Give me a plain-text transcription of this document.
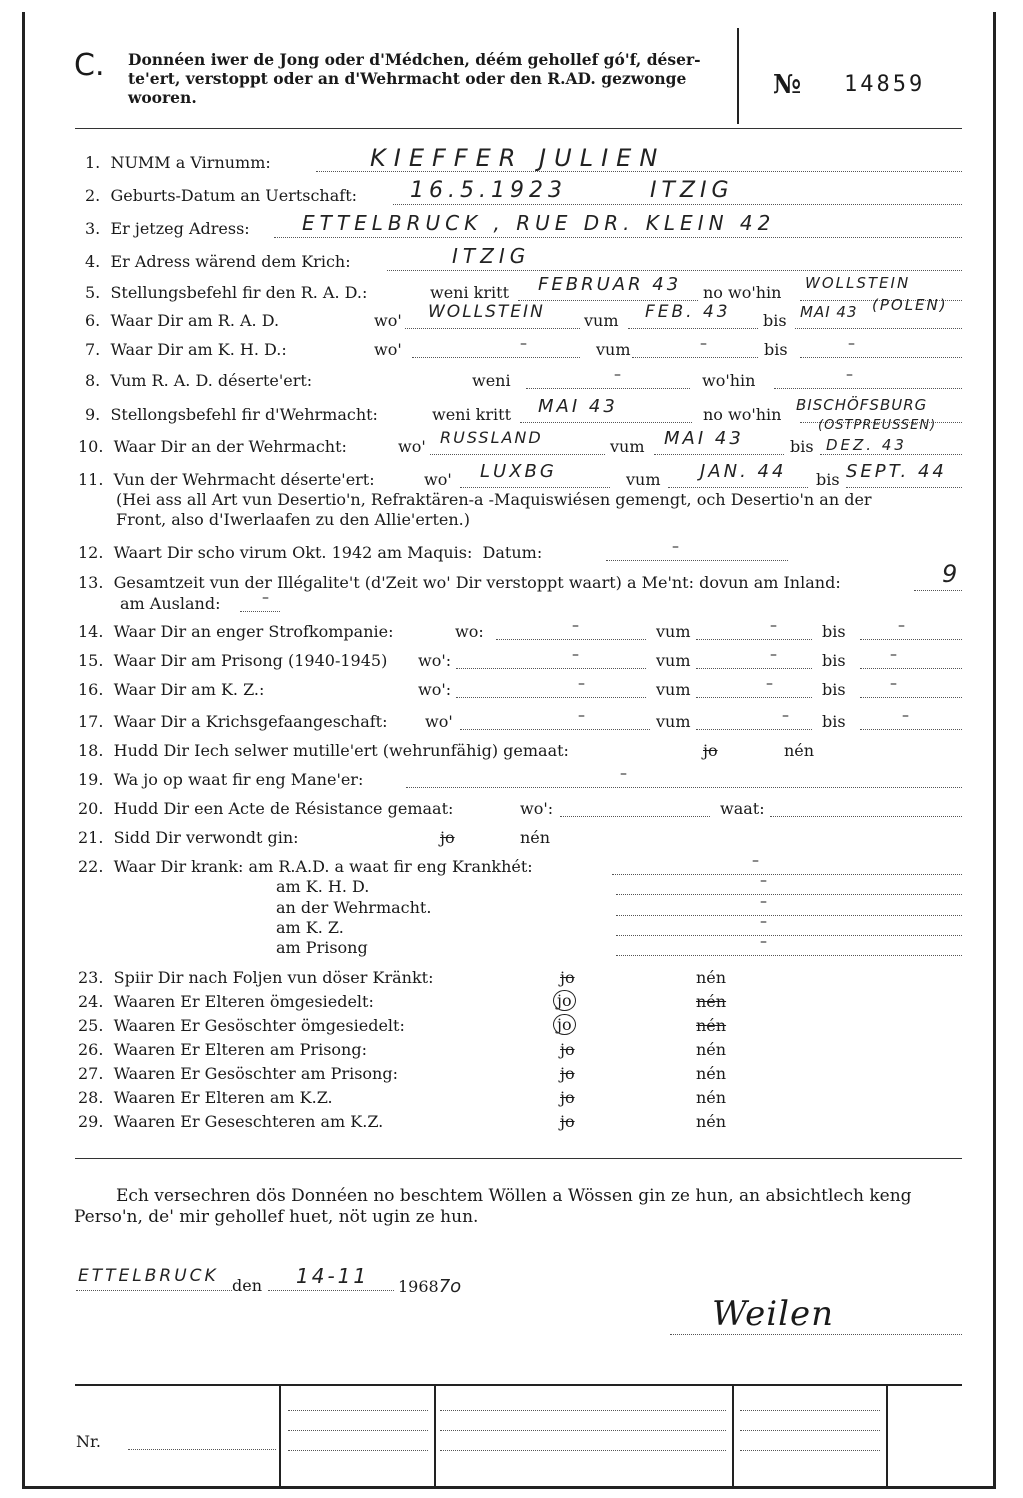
C. Donnéen iwer de Jong oder d'Médchen, déém gehollef gó'f, déser-
te'ert, verstoppt oder an d'Wehrmacht oder den R.AD. gezwonge
wooren.	№ 14859
1. NUMM a Virnumm:	KIEFFER JULIEN
2. Geburts-Datum an Uertschaft: 16.5.1923	ITZIG
3. Er jetzeg Adress:	ETTELBRUCK , RUE DR. KLEIN 42
4. Er Adress wärend dem Krich:	ITZIG
5. Stellungsbefehl fir den R. A. D.:	weni kritt FEBRUAR 43 no wo'hin WOLLSTEIN
6. Waar Dir am R. A. D.	wo' WOLLSTEIN vum FEB. 43 bis MAI 43 (POLEN)
7. Waar Dir am K. H. D.:	wo'	–	vum	–	bis	–
8. Vum R. A. D. déserte'ert:	weni	–	wo'hin	–
9. Stellongsbefehl fir d'Wehrmacht:	weni kritt MAI 43	no wo'hin BISCHÖFSBURG
(OSTPREUSSEN)
10. Waar Dir an der Wehrmacht:	wo' RUSSLAND	vum MAI 43	bis DEZ. 43
11. Vun der Wehrmacht déserte'ert:	wo' LUXBG	vum JAN. 44 bis SEPT. 44
(Hei ass all Art vun Desertio'n, Refraktären-a -Maquiswiésen gemengt, och Desertio'n an der
Front, also d'Iwerlaafen zu den Allie'erten.)
12. Waart Dir scho virum Okt. 1942 am Maquis: Datum:	–
13. Gesamtzeit vun der Illégalite't (d'Zeit wo' Dir verstoppt waart) a Me'nt: dovun am Inland:	9
am Ausland:	–
14. Waar Dir an enger Strofkompanie:	wo:	–	vum	–	bis	–
15. Waar Dir am Prisong (1940-1945) wo':	–	vum	–	bis	–
16. Waar Dir am K. Z.:	wo':	–	vum	–	bis	–
17. Waar Dir a Krichsgefaangeschaft: wo'	–	vum	– bis	–
18. Hudd Dir Iech selwer mutille'ert (wehrunfähig) gemaat:	jo	nén
19. Wa jo op waat fir eng Mane'er:	–
20. Hudd Dir een Acte de Résistance gemaat:	wo':	waat:
21. Sidd Dir verwondt gin:	jo	nén
22. Waar Dir krank: am R.A.D. a waat fir eng Krankhét:	–
am K. H. D.	–
an der Wehrmacht.	–
am K. Z.	–
am Prisong	–
23. Spiir Dir nach Foljen vun döser Kränkt:	jo	nén
24. Waaren Er Elteren ömgesiedelt:	jo	nén
25. Waaren Er Gesöschter ömgesiedelt:	jo	nén
26. Waaren Er Elteren am Prisong:	jo	nén
27. Waaren Er Gesöschter am Prisong:	jo	nén
28. Waaren Er Elteren am K.Z.	jo	nén
29. Waaren Er Geseschteren am K.Z.	jo	nén
Ech versechren dös Donnéen no beschtem Wöllen a Wössen gin ze hun, an absichtlech keng
Perso'n, de' mir gehollef huet, nöt ugin ze hun.
ETTELBRUCK den 14-11 19687o
Weilen
Nr.
